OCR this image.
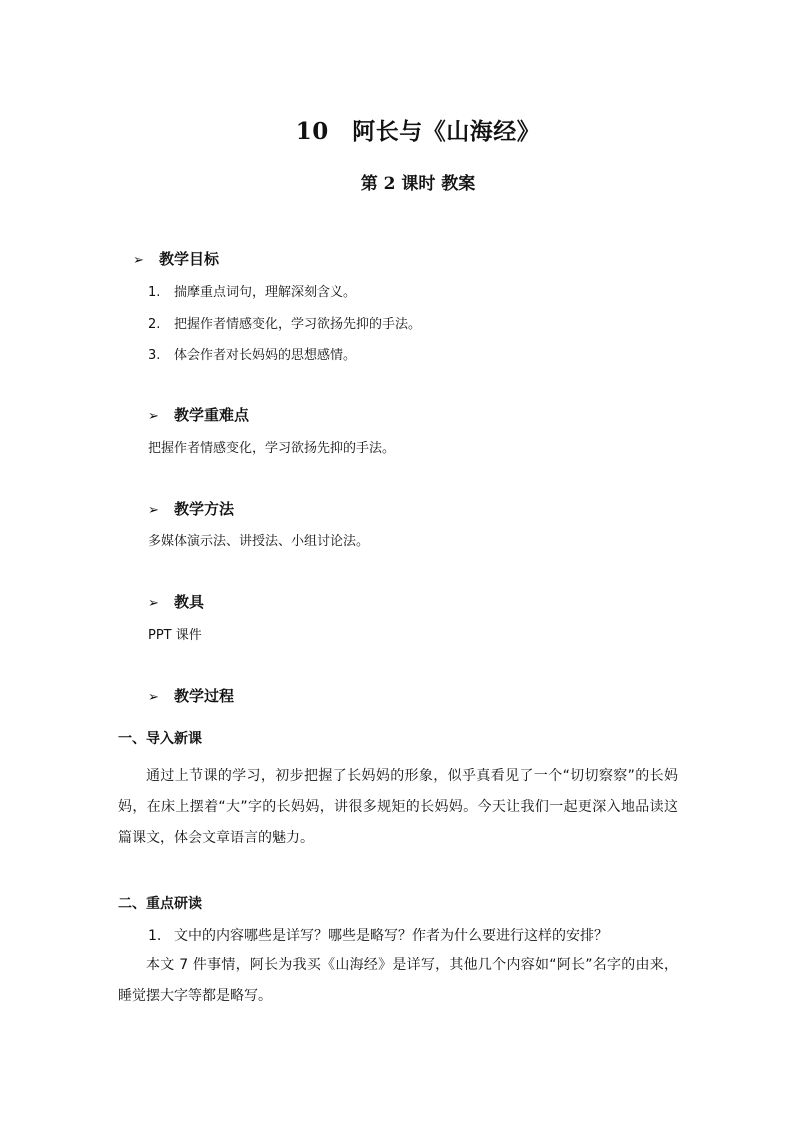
10　阿长与《山海经》
第 2 课时 教案
➢ 教学目标
1. 揣摩重点词句，理解深刻含义。
2. 把握作者情感变化，学习欲扬先抑的手法。
3. 体会作者对长妈妈的思想感情。
➢ 教学重难点
把握作者情感变化，学习欲扬先抑的手法。
➢ 教学方法
多媒体演示法、讲授法、小组讨论法。
➢ 教具
PPT 课件
➢ 教学过程
一、导入新课
通过上节课的学习，初步把握了长妈妈的形象，似乎真看见了一个“切切察察”的长妈妈，在床上摆着“大”字的长妈妈，讲很多规矩的长妈妈。今天让我们一起更深入地品读这篇课文，体会文章语言的魅力。
二、重点研读
1. 文中的内容哪些是详写？哪些是略写？作者为什么要进行这样的安排？
本文 7 件事情，阿长为我买《山海经》是详写，其他几个内容如“阿长”名字的由来，睡觉摆大字等都是略写。
